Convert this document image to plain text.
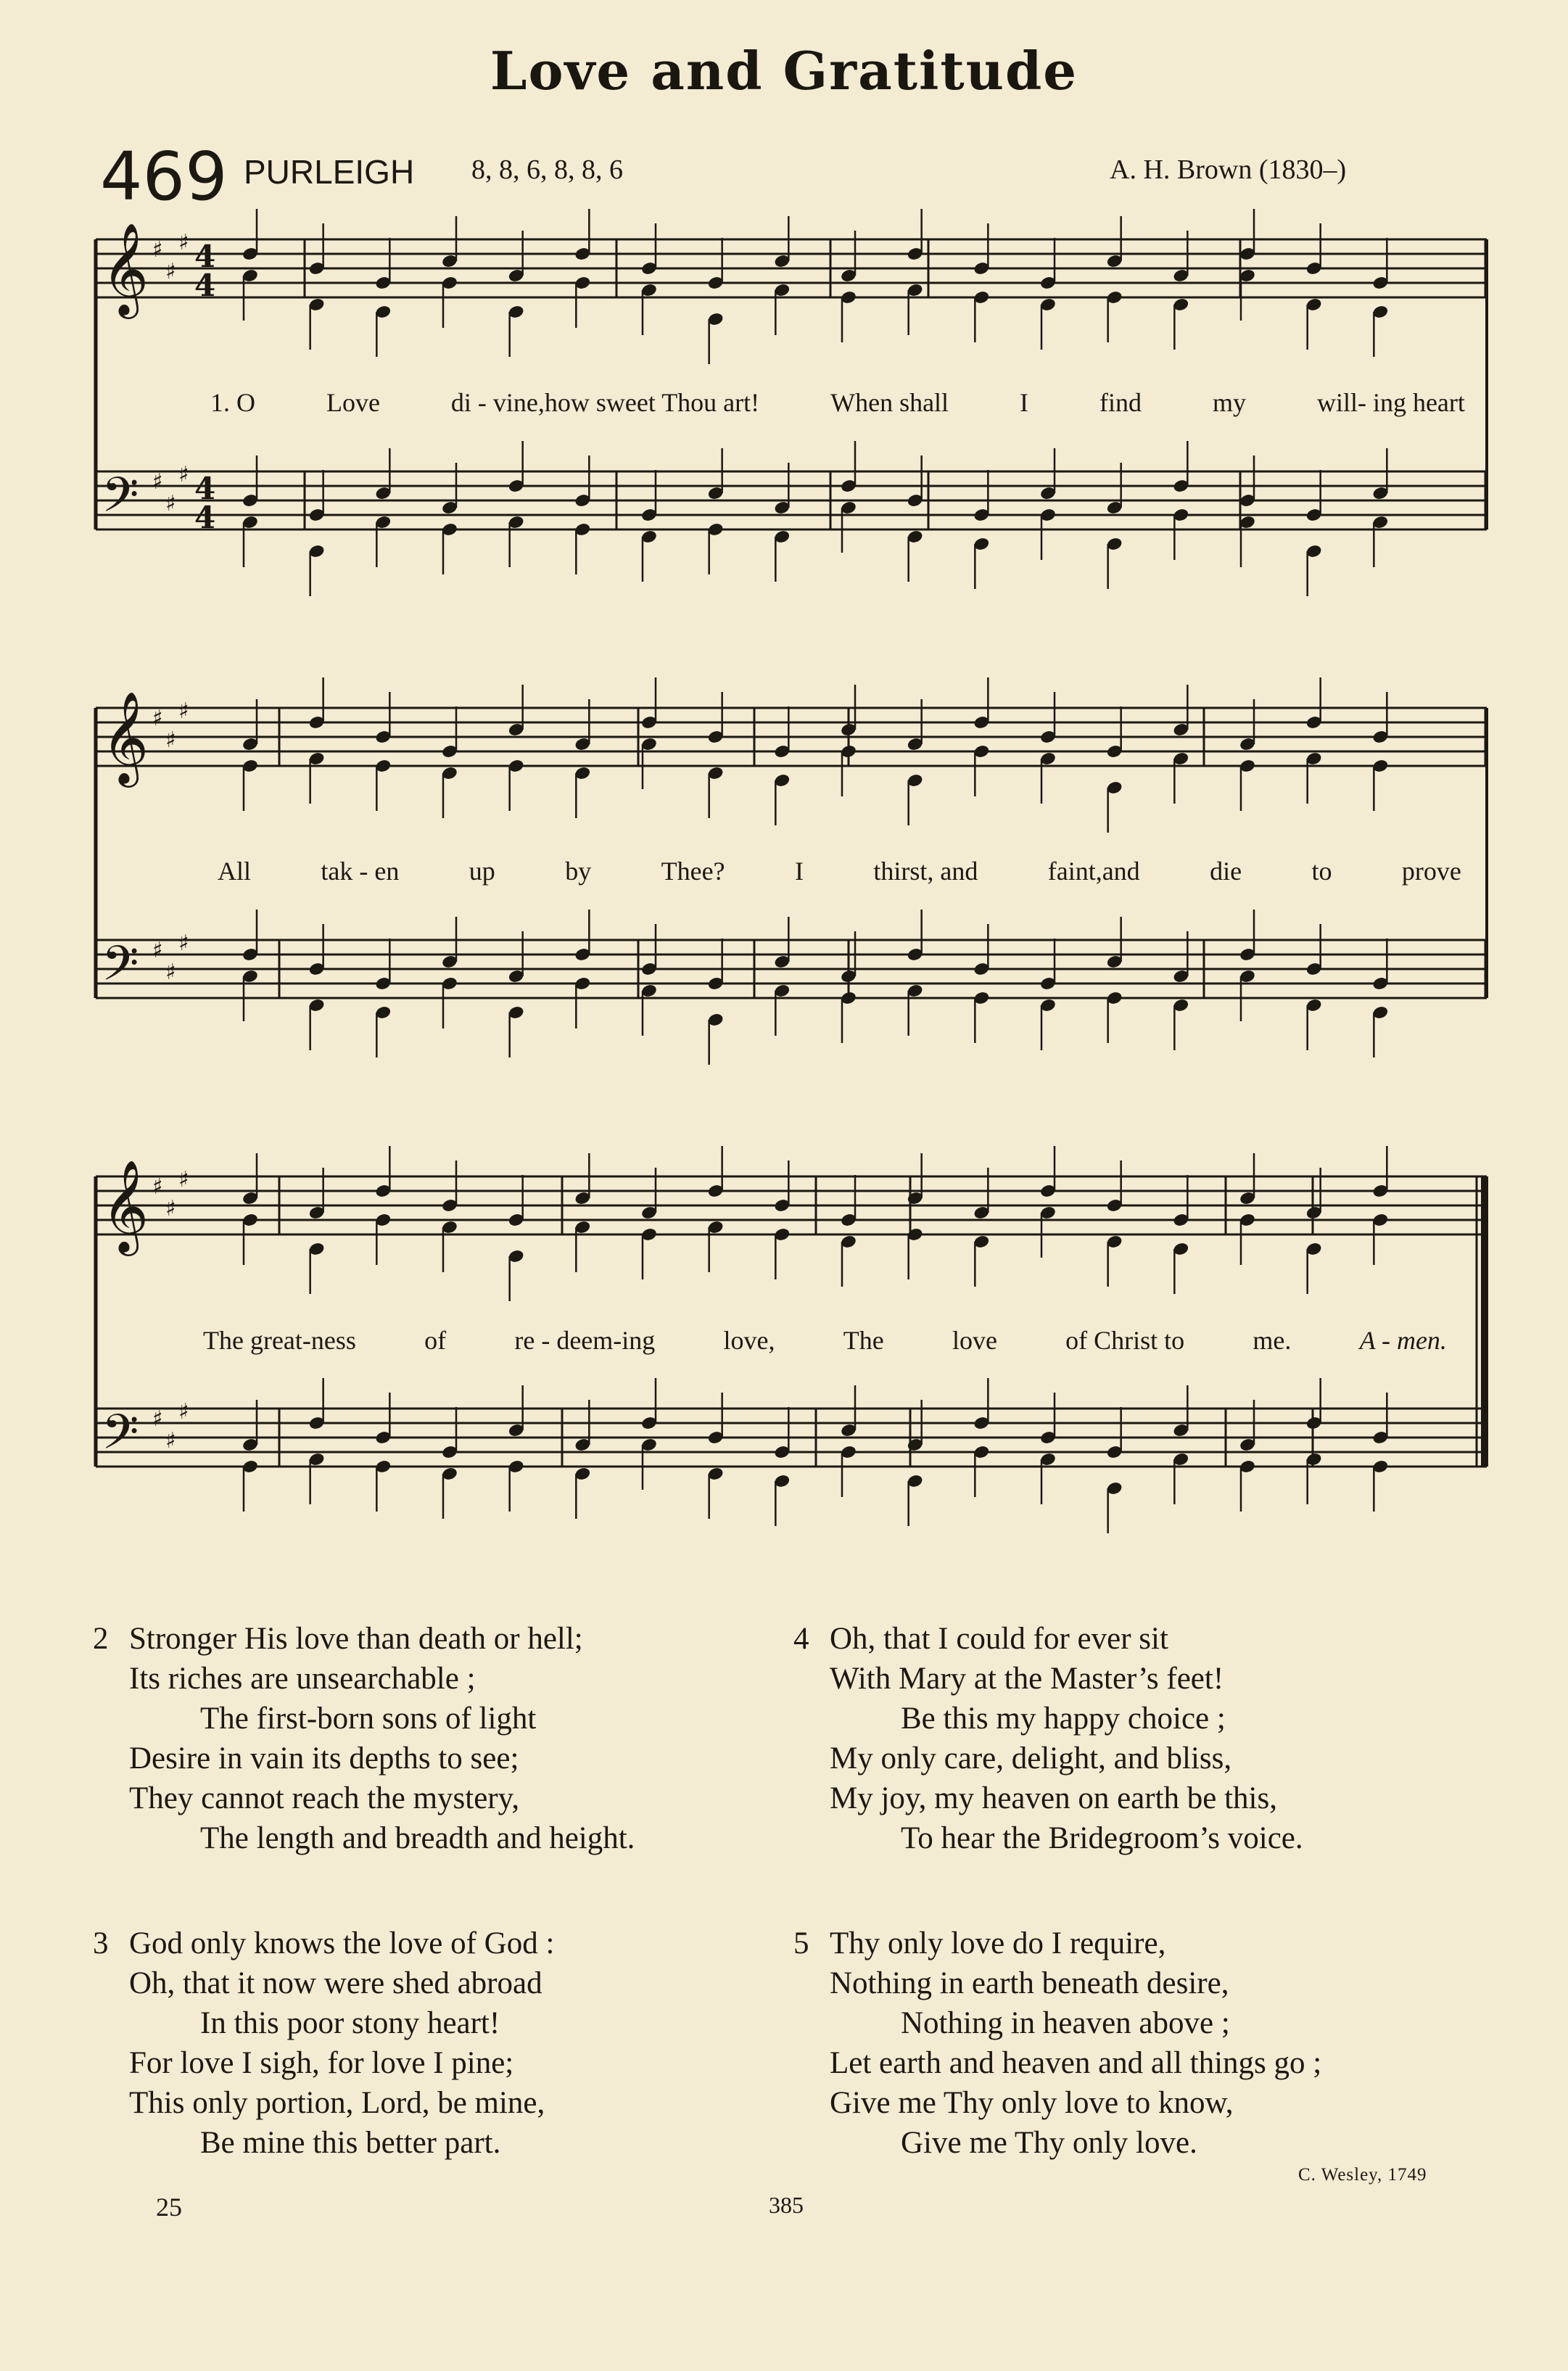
Love and Gratitude
469 PURLEIGH 8, 8, 6, 8, 8, 6	A. H. Brown (1830–)
𝄞 ♯
♯
♯ 4
4
𝄢 ♯
♯
♯ 4
4
𝄞 ♯
♯
♯
𝄢 ♯
♯
♯
𝄞 ♯
♯
♯
𝄢 ♯
♯
♯
1. O	Love	di - vine,how sweet Thou art!	When shall	I	find	my	will- ing heart
All	tak - en	up	by	Thee?	I	thirst, and	faint,and	die	to	prove
The great-ness	of	re - deem-ing	love,	The	love	of Christ to	me.	A - men.
2 Stronger His love than death or hell;
Its riches are unsearchable ;
The first-born sons of light
Desire in vain its depths to see;
They cannot reach the mystery,
The length and breadth and height.
4 Oh, that I could for ever sit
With Mary at the Master’s feet!
Be this my happy choice ;
My only care, delight, and bliss,
My joy, my heaven on earth be this,
To hear the Bridegroom’s voice.
3 God only knows the love of God :
Oh, that it now were shed abroad
In this poor stony heart!
For love I sigh, for love I pine;
This only portion, Lord, be mine,
Be mine this better part.
5 Thy only love do I require,
Nothing in earth beneath desire,
Nothing in heaven above ;
Let earth and heaven and all things go ;
Give me Thy only love to know,
Give me Thy only love.
C. Wesley, 1749
25	385
